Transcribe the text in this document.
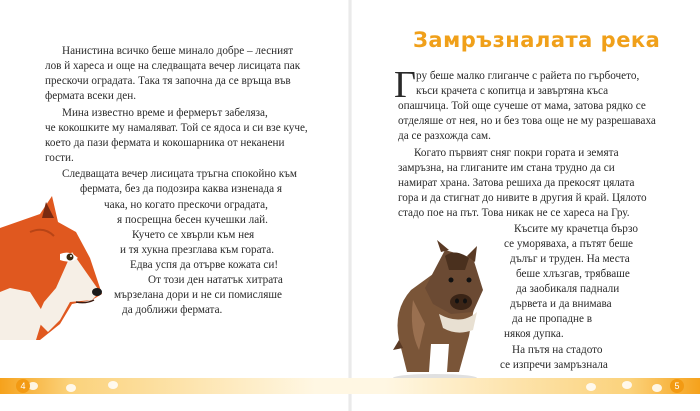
Нанистина всичко беше минало добре – лесният
лов й хареса и още на следващата вечер лисицата пак
прескочи оградата. Така тя започна да се връща във
фермата всеки ден.
Мина известно време и фермерът забеляза,
че кокошките му намаляват. Той се ядоса и си взе куче,
което да пази фермата и кокошарника от неканени
гости.
Следващата вечер лисицата тръгна спокойно към
фермата, без да подозира каква изненада я
чака, но когато прескочи оградата,
я посрещна бесен кучешки лай.
Кучето се хвърли към нея
и тя хукна презглава към гората.
Едва успя да отърве кожата си!
От този ден нататък хитрата
мързелана дори и не си помисляше
да доближи фермата.
Замръзналата река
Г ру беше малко глиганче с райета по гърбочето,
къси крачета с копитца и завъртяна къса
опашчица. Той още сучеше от мама, затова рядко се
отделяше от нея, но и без това още не му разрешаваха
да се разхожда сам.
Когато първият сняг покри гората и земята
замръзна, на глиганите им стана трудно да си
намират храна. Затова решиха да прекосят цялата
гора и да стигнат до нивите в другия й край. Цялото
стадо пое на път. Това никак не се хареса на Гру.
Късите му крачетца бързо
се уморяваха, а пътят беше
дълъг и труден. На места
беше хлъзгав, трябваше
да заобикаля паднали
дървета и да внимава
да не пропадне в
някоя дупка.
На пътя на стадото
се изпречи замръзнала
4	5
